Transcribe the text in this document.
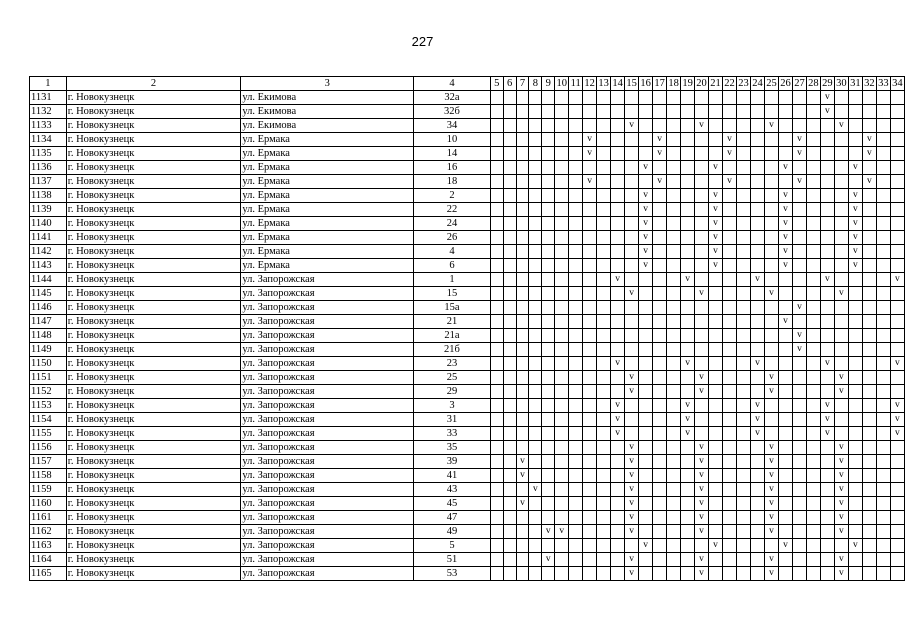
227
1	2	3	4	5	6	7	8	9	10	11	12	13	14	15	16	17	18	19	20	21	22	23	24	25	26	27	28	29	30	31	32	33	34
1131	г. Новокузнецк	ул. Екимова	32а																									v					
1132	г. Новокузнецк	ул. Екимова	32б																									v					
1133	г. Новокузнецк	ул. Екимова	34											v					v					v					v				
1134	г. Новокузнецк	ул. Ермака	10								v					v					v					v					v		
1135	г. Новокузнецк	ул. Ермака	14								v					v					v					v					v		
1136	г. Новокузнецк	ул. Ермака	16												v					v					v					v			
1137	г. Новокузнецк	ул. Ермака	18								v					v					v					v					v		
1138	г. Новокузнецк	ул. Ермака	2												v					v					v					v			
1139	г. Новокузнецк	ул. Ермака	22												v					v					v					v			
1140	г. Новокузнецк	ул. Ермака	24												v					v					v					v			
1141	г. Новокузнецк	ул. Ермака	26												v					v					v					v			
1142	г. Новокузнецк	ул. Ермака	4												v					v					v					v			
1143	г. Новокузнецк	ул. Ермака	6												v					v					v					v			
1144	г. Новокузнецк	ул. Запорожская	1										v					v					v					v					v
1145	г. Новокузнецк	ул. Запорожская	15											v					v					v					v				
1146	г. Новокузнецк	ул. Запорожская	15а																							v							
1147	г. Новокузнецк	ул. Запорожская	21																						v								
1148	г. Новокузнецк	ул. Запорожская	21а																							v							
1149	г. Новокузнецк	ул. Запорожская	21б																							v							
1150	г. Новокузнецк	ул. Запорожская	23										v					v					v					v					v
1151	г. Новокузнецк	ул. Запорожская	25											v					v					v					v				
1152	г. Новокузнецк	ул. Запорожская	29											v					v					v					v				
1153	г. Новокузнецк	ул. Запорожская	3										v					v					v					v					v
1154	г. Новокузнецк	ул. Запорожская	31										v					v					v					v					v
1155	г. Новокузнецк	ул. Запорожская	33										v					v					v					v					v
1156	г. Новокузнецк	ул. Запорожская	35											v					v					v					v				
1157	г. Новокузнецк	ул. Запорожская	39			v								v					v					v					v				
1158	г. Новокузнецк	ул. Запорожская	41			v								v					v					v					v				
1159	г. Новокузнецк	ул. Запорожская	43				v							v					v					v					v				
1160	г. Новокузнецк	ул. Запорожская	45			v								v					v					v					v				
1161	г. Новокузнецк	ул. Запорожская	47											v					v					v					v				
1162	г. Новокузнецк	ул. Запорожская	49					v	v					v					v					v					v				
1163	г. Новокузнецк	ул. Запорожская	5												v					v					v					v			
1164	г. Новокузнецк	ул. Запорожская	51					v						v					v					v					v				
1165	г. Новокузнецк	ул. Запорожская	53											v					v					v					v				
